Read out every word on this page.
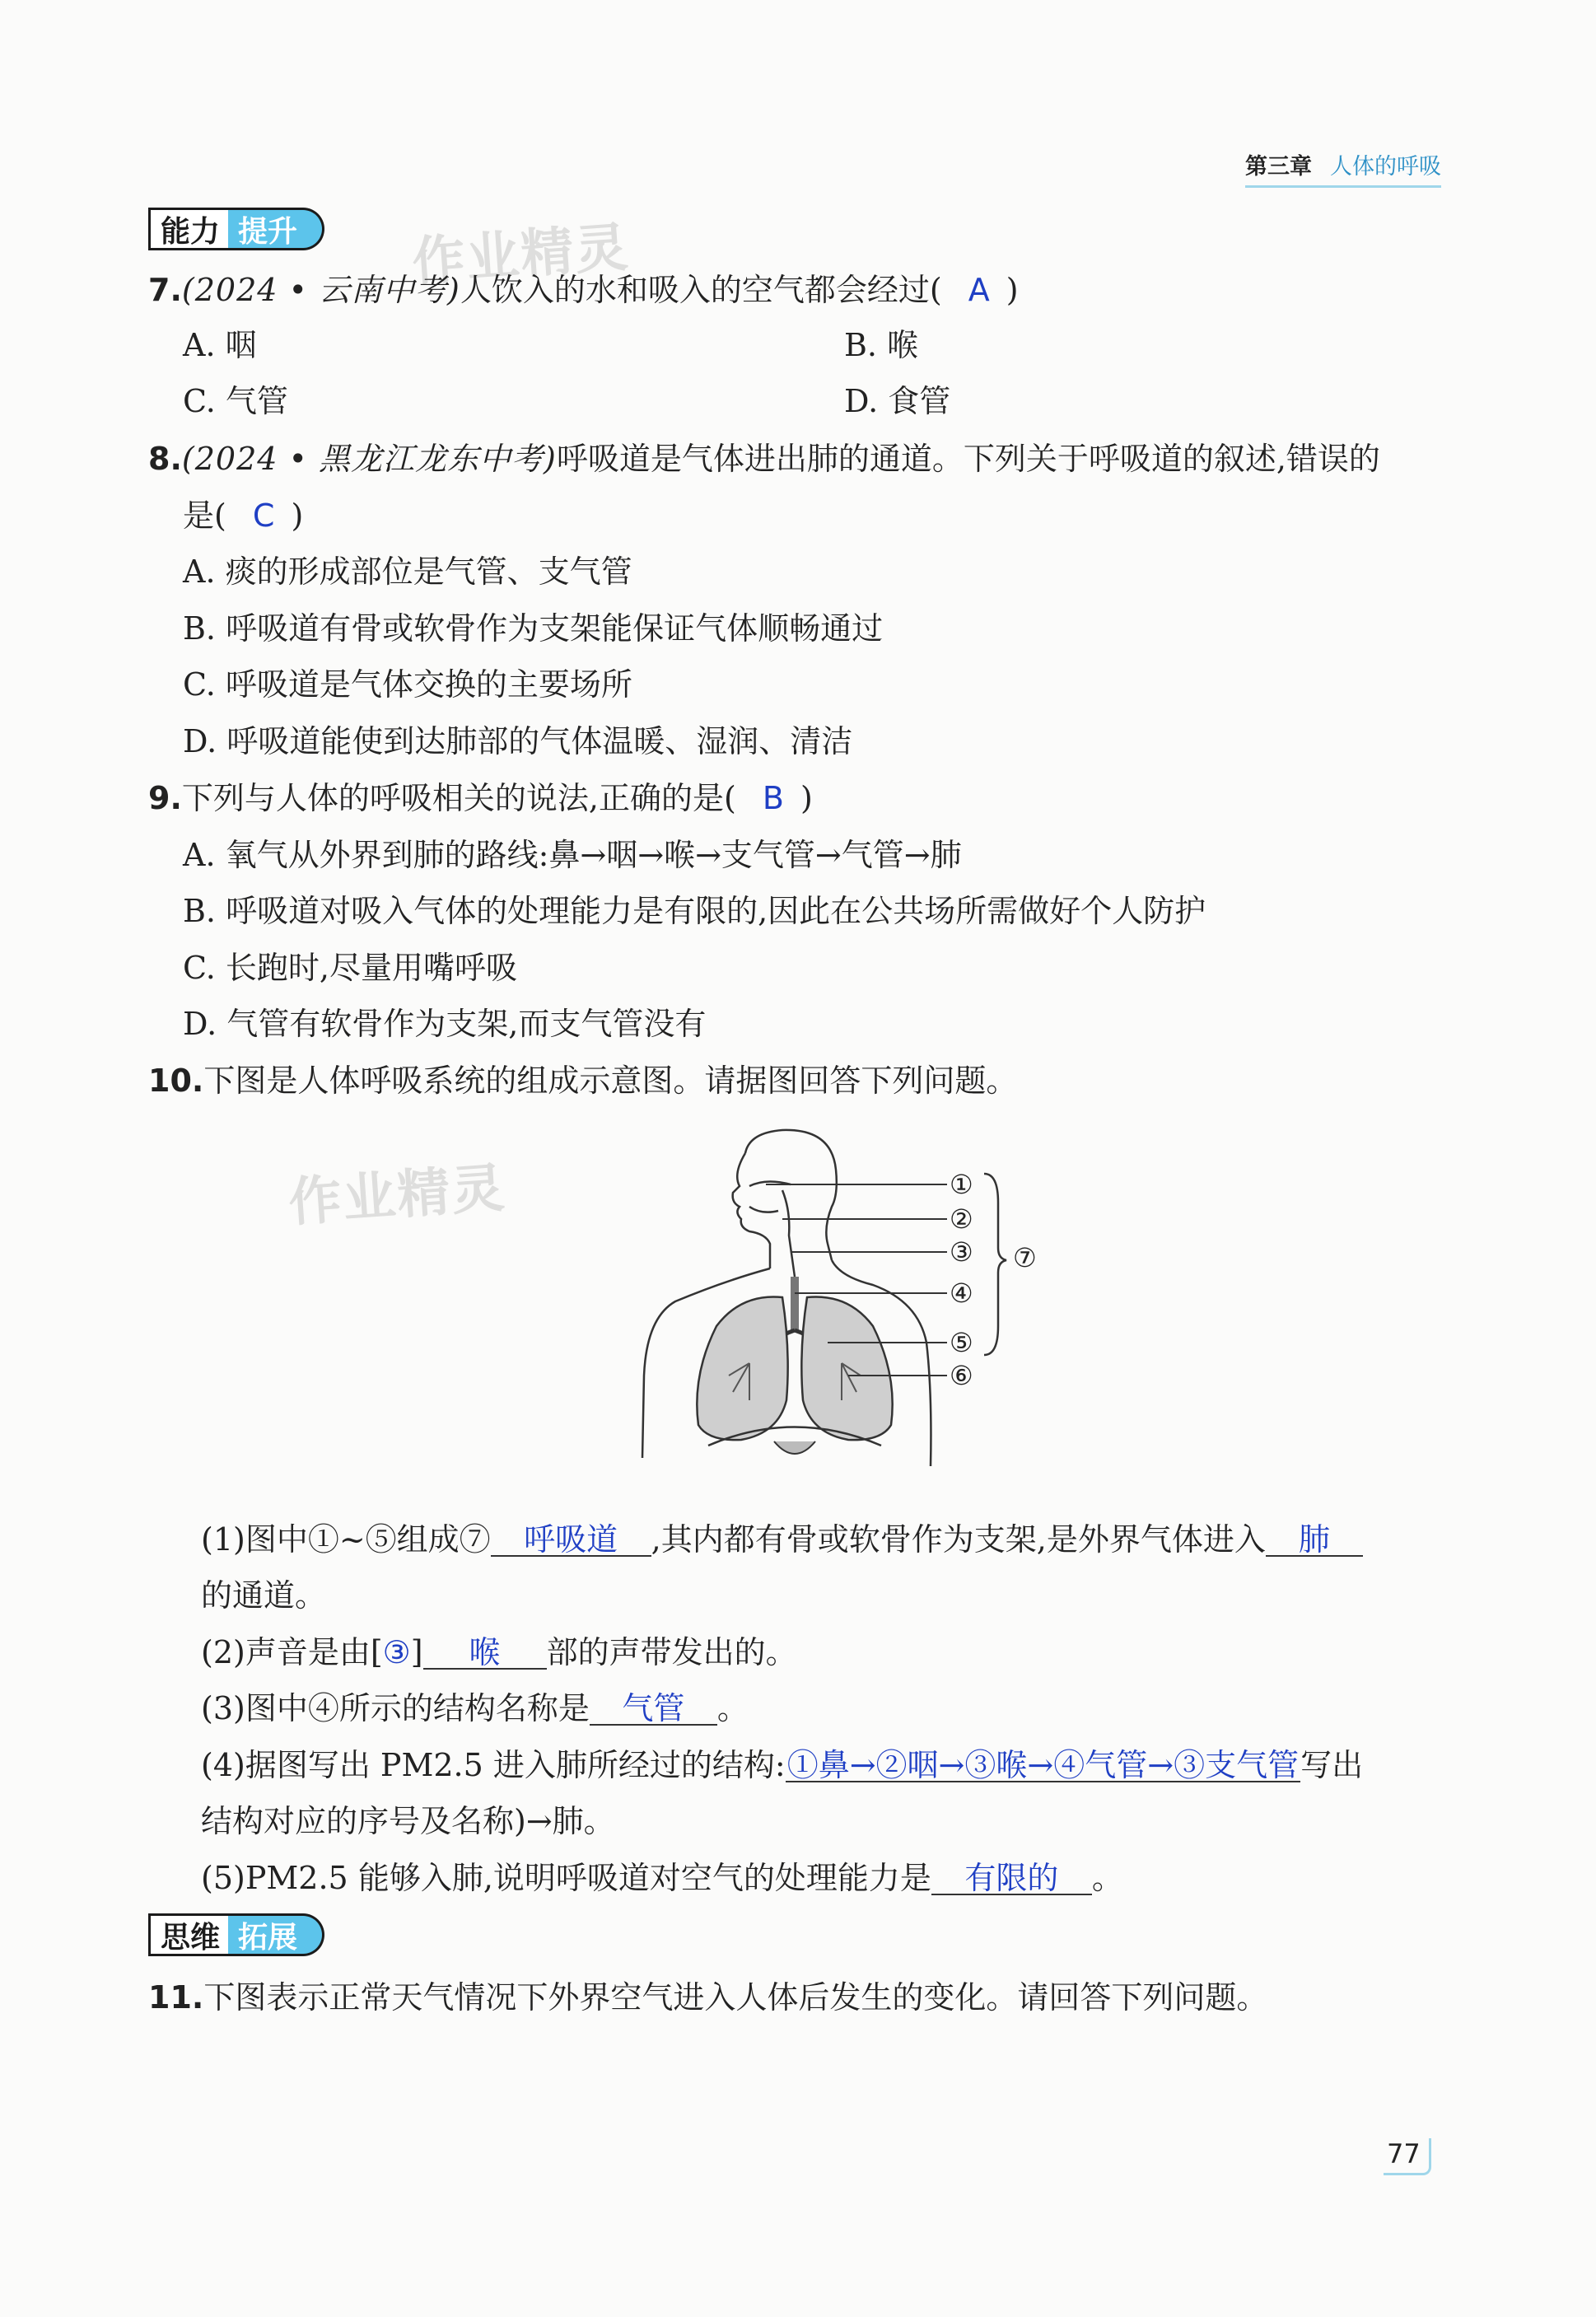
第三章 人体的呼吸
能力 提升	作业精灵
7.(2024 • 云南中考)人饮入的水和吸入的空气都会经过( A )
A. 咽	B. 喉
C. 气管	D. 食管
8.(2024 • 黑龙江龙东中考)呼吸道是气体进出肺的通道。下列关于呼吸道的叙述,错误的
是( C )
A. 痰的形成部位是气管、支气管
B. 呼吸道有骨或软骨作为支架能保证气体顺畅通过
C. 呼吸道是气体交换的主要场所
D. 呼吸道能使到达肺部的气体温暖、湿润、清洁
9.下列与人体的呼吸相关的说法,正确的是( B )
A. 氧气从外界到肺的路线:鼻→咽→喉→支气管→气管→肺
B. 呼吸道对吸入气体的处理能力是有限的,因此在公共场所需做好个人防护
C. 长跑时,尽量用嘴呼吸
D. 气管有软骨作为支架,而支气管没有
10.下图是人体呼吸系统的组成示意图。请据图回答下列问题。
作业精灵	①
②
③
④
⑤
⑥
⑦
(1)图中①~⑤组成⑦ 呼吸道 ,其内都有骨或软骨作为支架,是外界气体进入 肺
的通道。
(2)声音是由[③] 喉 部的声带发出的。
(3)图中④所示的结构名称是 气管 。
(4)据图写出 PM2.5 进入肺所经过的结构:①鼻→②咽→③喉→④气管→③支气管写出
结构对应的序号及名称)→肺。
(5)PM2.5 能够入肺,说明呼吸道对空气的处理能力是 有限的 。
思维 拓展
11.下图表示正常天气情况下外界空气进入人体后发生的变化。请回答下列问题。
77
